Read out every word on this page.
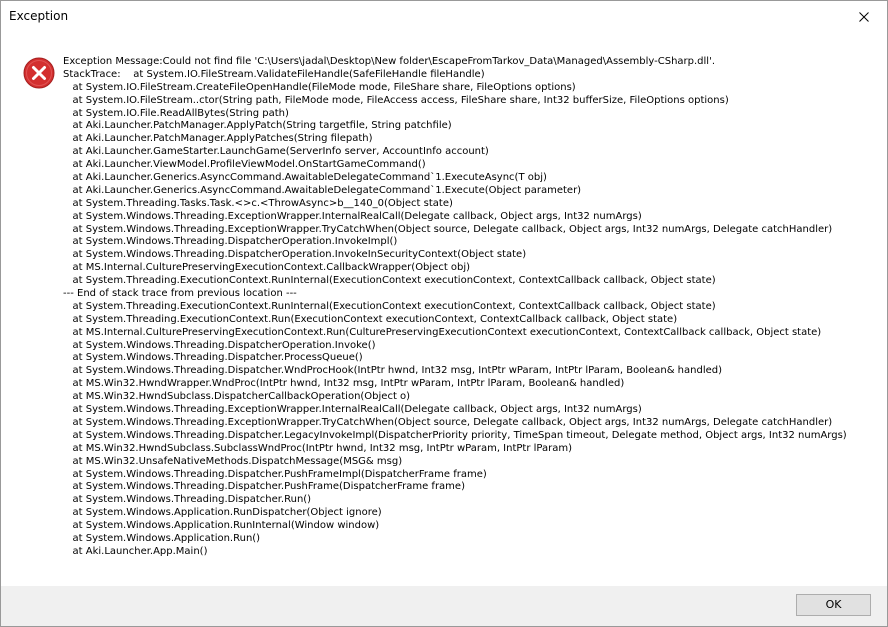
Exception
Exception Message:Could not find file 'C:\Users\jadal\Desktop\New folder\EscapeFromTarkov_Data\Managed\Assembly-CSharp.dll'.
StackTrace:    at System.IO.FileStream.ValidateFileHandle(SafeFileHandle fileHandle)
at System.IO.FileStream.CreateFileOpenHandle(FileMode mode, FileShare share, FileOptions options)
at System.IO.FileStream..ctor(String path, FileMode mode, FileAccess access, FileShare share, Int32 bufferSize, FileOptions options)
at System.IO.File.ReadAllBytes(String path)
at Aki.Launcher.PatchManager.ApplyPatch(String targetfile, String patchfile)
at Aki.Launcher.PatchManager.ApplyPatches(String filepath)
at Aki.Launcher.GameStarter.LaunchGame(ServerInfo server, AccountInfo account)
at Aki.Launcher.ViewModel.ProfileViewModel.OnStartGameCommand()
at Aki.Launcher.Generics.AsyncCommand.AwaitableDelegateCommand`1.ExecuteAsync(T obj)
at Aki.Launcher.Generics.AsyncCommand.AwaitableDelegateCommand`1.Execute(Object parameter)
at System.Threading.Tasks.Task.<>c.<ThrowAsync>b__140_0(Object state)
at System.Windows.Threading.ExceptionWrapper.InternalRealCall(Delegate callback, Object args, Int32 numArgs)
at System.Windows.Threading.ExceptionWrapper.TryCatchWhen(Object source, Delegate callback, Object args, Int32 numArgs, Delegate catchHandler)
at System.Windows.Threading.DispatcherOperation.InvokeImpl()
at System.Windows.Threading.DispatcherOperation.InvokeInSecurityContext(Object state)
at MS.Internal.CulturePreservingExecutionContext.CallbackWrapper(Object obj)
at System.Threading.ExecutionContext.RunInternal(ExecutionContext executionContext, ContextCallback callback, Object state)
--- End of stack trace from previous location ---
at System.Threading.ExecutionContext.RunInternal(ExecutionContext executionContext, ContextCallback callback, Object state)
at System.Threading.ExecutionContext.Run(ExecutionContext executionContext, ContextCallback callback, Object state)
at MS.Internal.CulturePreservingExecutionContext.Run(CulturePreservingExecutionContext executionContext, ContextCallback callback, Object state)
at System.Windows.Threading.DispatcherOperation.Invoke()
at System.Windows.Threading.Dispatcher.ProcessQueue()
at System.Windows.Threading.Dispatcher.WndProcHook(IntPtr hwnd, Int32 msg, IntPtr wParam, IntPtr lParam, Boolean& handled)
at MS.Win32.HwndWrapper.WndProc(IntPtr hwnd, Int32 msg, IntPtr wParam, IntPtr lParam, Boolean& handled)
at MS.Win32.HwndSubclass.DispatcherCallbackOperation(Object o)
at System.Windows.Threading.ExceptionWrapper.InternalRealCall(Delegate callback, Object args, Int32 numArgs)
at System.Windows.Threading.ExceptionWrapper.TryCatchWhen(Object source, Delegate callback, Object args, Int32 numArgs, Delegate catchHandler)
at System.Windows.Threading.Dispatcher.LegacyInvokeImpl(DispatcherPriority priority, TimeSpan timeout, Delegate method, Object args, Int32 numArgs)
at MS.Win32.HwndSubclass.SubclassWndProc(IntPtr hwnd, Int32 msg, IntPtr wParam, IntPtr lParam)
at MS.Win32.UnsafeNativeMethods.DispatchMessage(MSG& msg)
at System.Windows.Threading.Dispatcher.PushFrameImpl(DispatcherFrame frame)
at System.Windows.Threading.Dispatcher.PushFrame(DispatcherFrame frame)
at System.Windows.Threading.Dispatcher.Run()
at System.Windows.Application.RunDispatcher(Object ignore)
at System.Windows.Application.RunInternal(Window window)
at System.Windows.Application.Run()
at Aki.Launcher.App.Main()
OK
